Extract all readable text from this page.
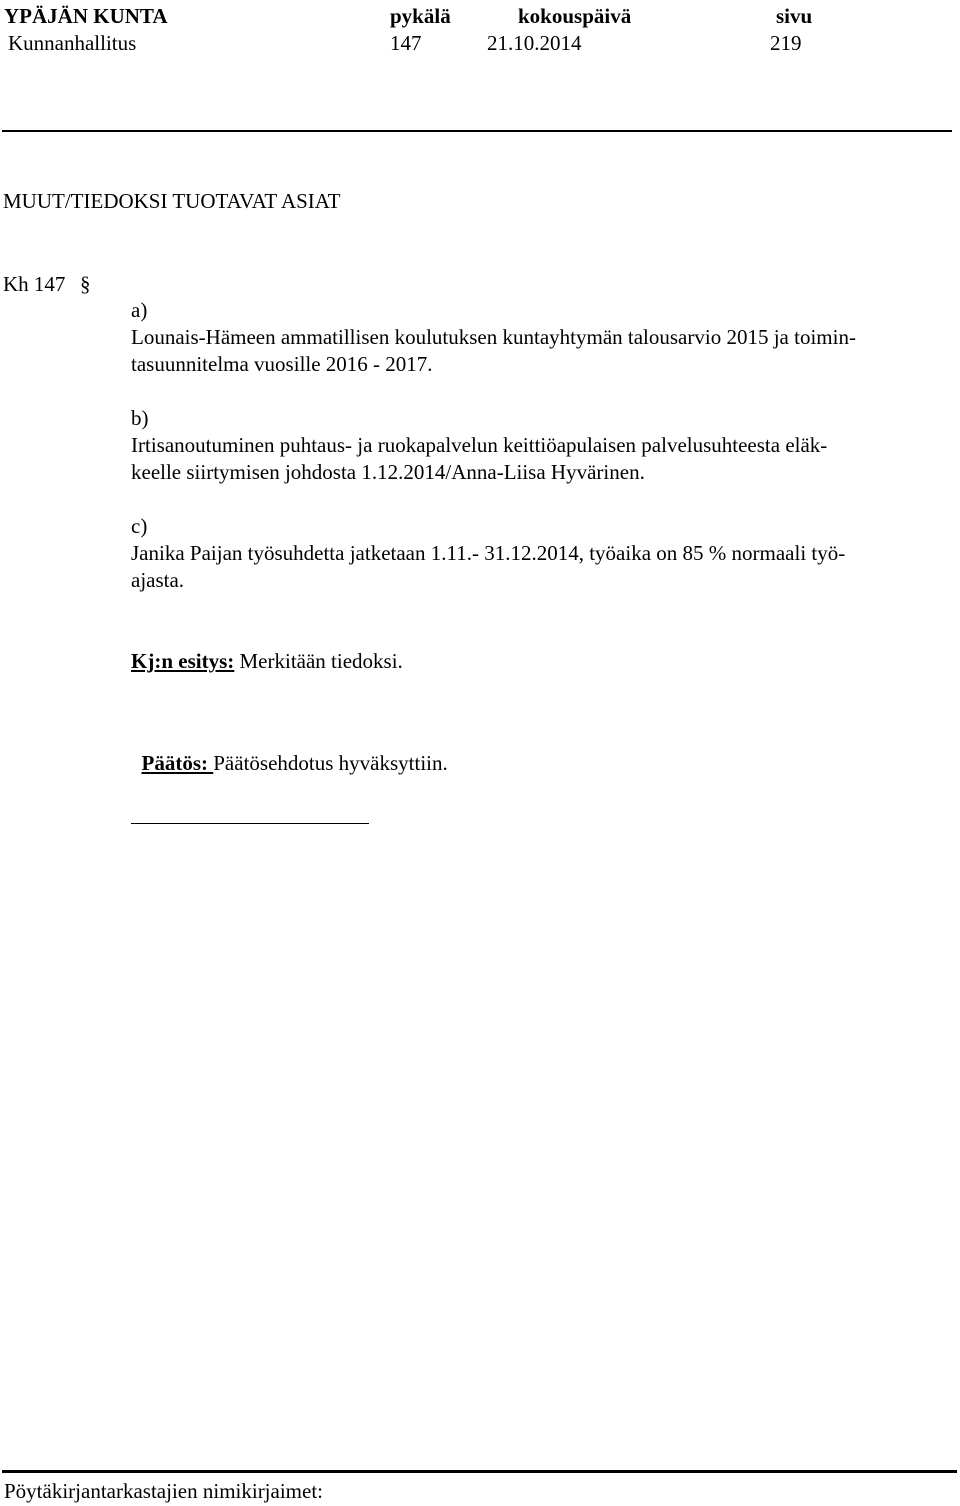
YPÄJÄN KUNTA	pykälä	kokouspäivä	sivu
Kunnanhallitus	147	21.10.2014	219
MUUT/TIEDOKSI TUOTAVAT ASIAT
Kh 147 §
a)
Lounais-Hämeen ammatillisen koulutuksen kuntayhtymän talousarvio 2015 ja toimin-
tasuunnitelma vuosille 2016 - 2017.
b)
Irtisanoutuminen puhtaus- ja ruokapalvelun keittiöapulaisen palvelusuhteesta eläk-
keelle siirtymisen johdosta 1.12.2014/Anna-Liisa Hyvärinen.
c)
Janika Paijan työsuhdetta jatketaan 1.11.- 31.12.2014, työaika on 85 % normaali työ-
ajasta.
Kj:n esitys: Merkitään tiedoksi.

Päätös: Päätösehdotus hyväksyttiin.

Pöytäkirjantarkastajien nimikirjaimet:
